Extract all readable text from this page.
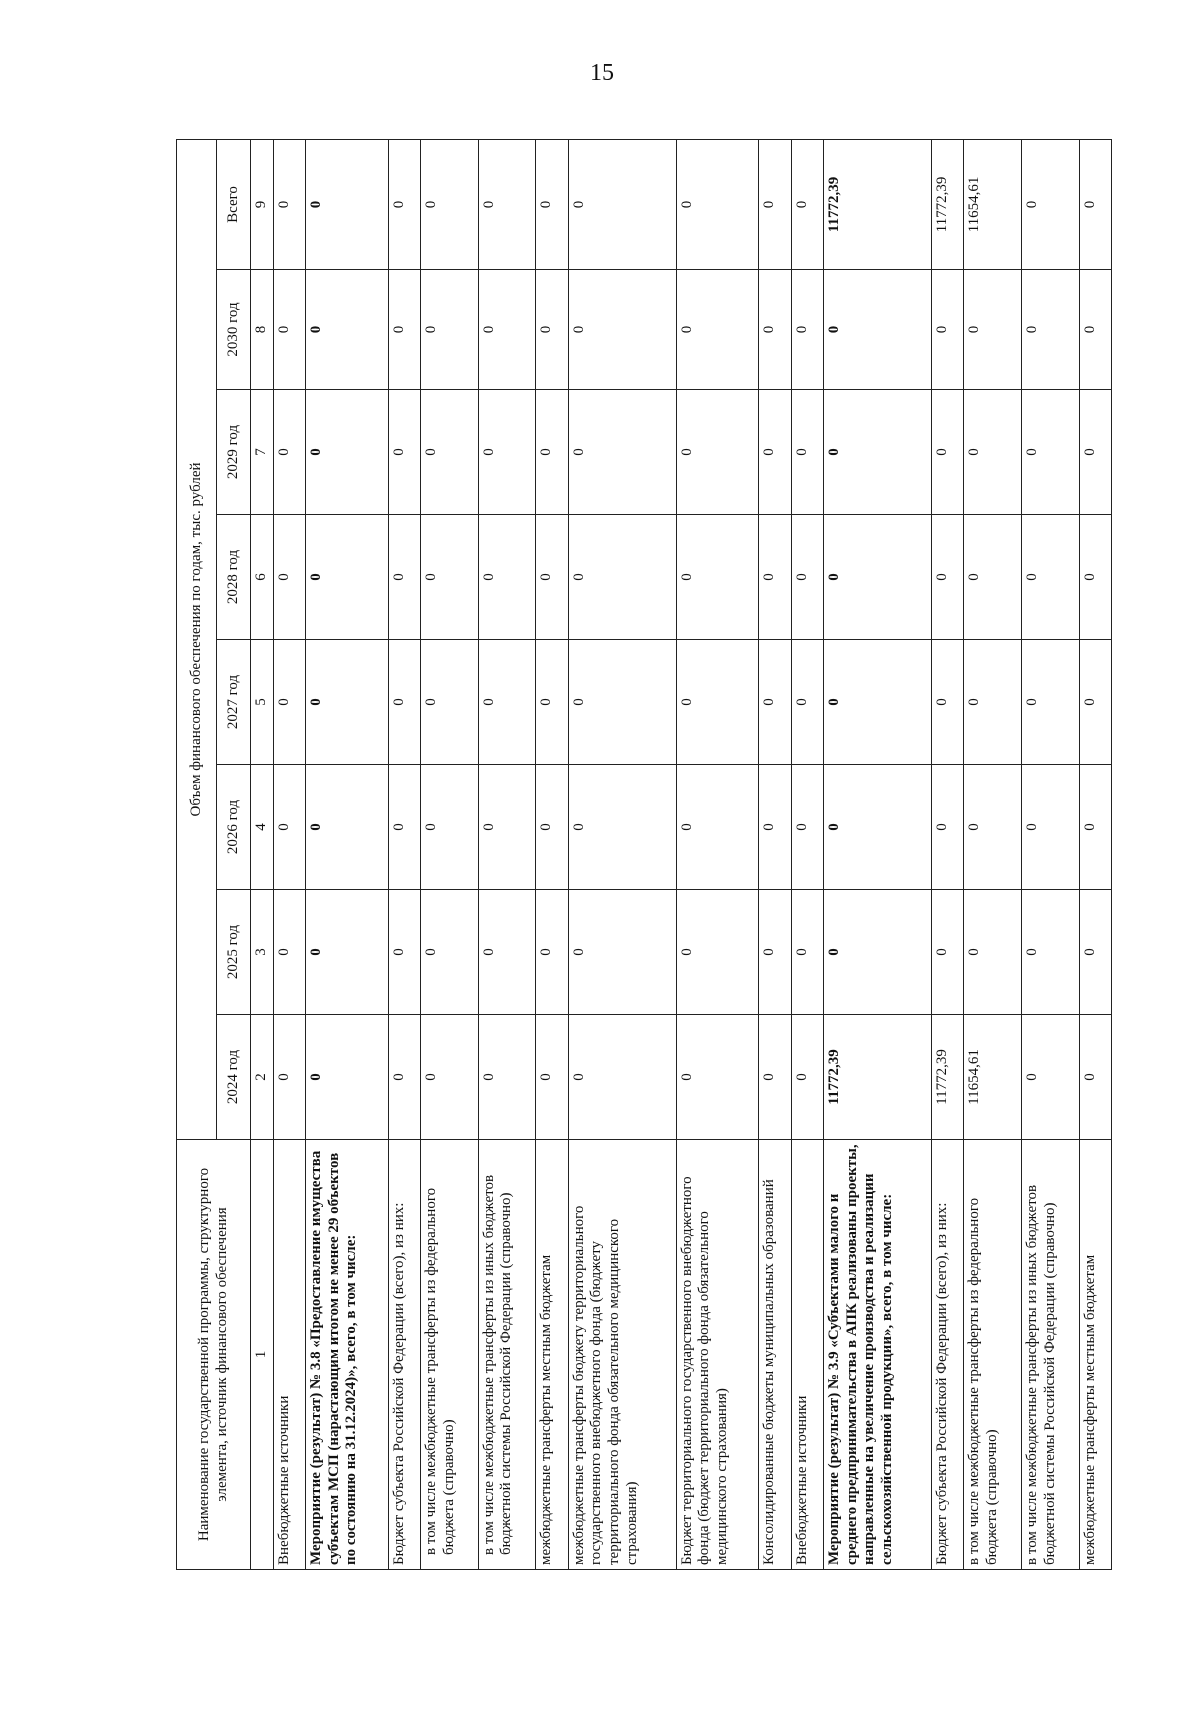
15
Наименование государственной программы, структурного элемента, источник финансового обеспечения	Объем финансового обеспечения по годам, тыс. рублей							
	2024 год	2025 год	2026 год	2027 год	2028 год	2029 год	2030 год	Всего
1	2	3	4	5	6	7	8	9
Внебюджетные источники	0	0	0	0	0	0	0	0
Мероприятие (результат) № 3.8 «Предоставление имущества субъектам МСП (нарастающим итогом не менее 29 объектов по состоянию на 31.12.2024)», всего, в том числе:	0	0	0	0	0	0	0	0
Бюджет субъекта Российской Федерации (всего), из них:	0	0	0	0	0	0	0	0
в том числе межбюджетные трансферты из федерального бюджета (справочно)	0	0	0	0	0	0	0	0
в том числе межбюджетные трансферты из иных бюджетов бюджетной системы Российской Федерации (справочно)	0	0	0	0	0	0	0	0
межбюджетные трансферты местным бюджетам	0	0	0	0	0	0	0	0
межбюджетные трансферты бюджету территориального государственного внебюджетного фонда (бюджету территориального фонда обязательного медицинского страхования)	0	0	0	0	0	0	0	0
Бюджет территориального государственного внебюджетного фонда (бюджет территориального фонда обязательного медицинского страхования)	0	0	0	0	0	0	0	0
Консолидированные бюджеты муниципальных образований	0	0	0	0	0	0	0	0
Внебюджетные источники	0	0	0	0	0	0	0	0
Мероприятие (результат) № 3.9 «Субъектами малого и среднего предпринимательства в АПК реализованы проекты, направленные на увеличение производства и реализации сельскохозяйственной продукции», всего, в том числе:	11772,39	0	0	0	0	0	0	11772,39
Бюджет субъекта Российской Федерации (всего), из них:	11772,39	0	0	0	0	0	0	11772,39
в том числе межбюджетные трансферты из федерального бюджета (справочно)	11654,61	0	0	0	0	0	0	11654,61
в том числе межбюджетные трансферты из иных бюджетов бюджетной системы Российской Федерации (справочно)	0	0	0	0	0	0	0	0
межбюджетные трансферты местным бюджетам	0	0	0	0	0	0	0	0
